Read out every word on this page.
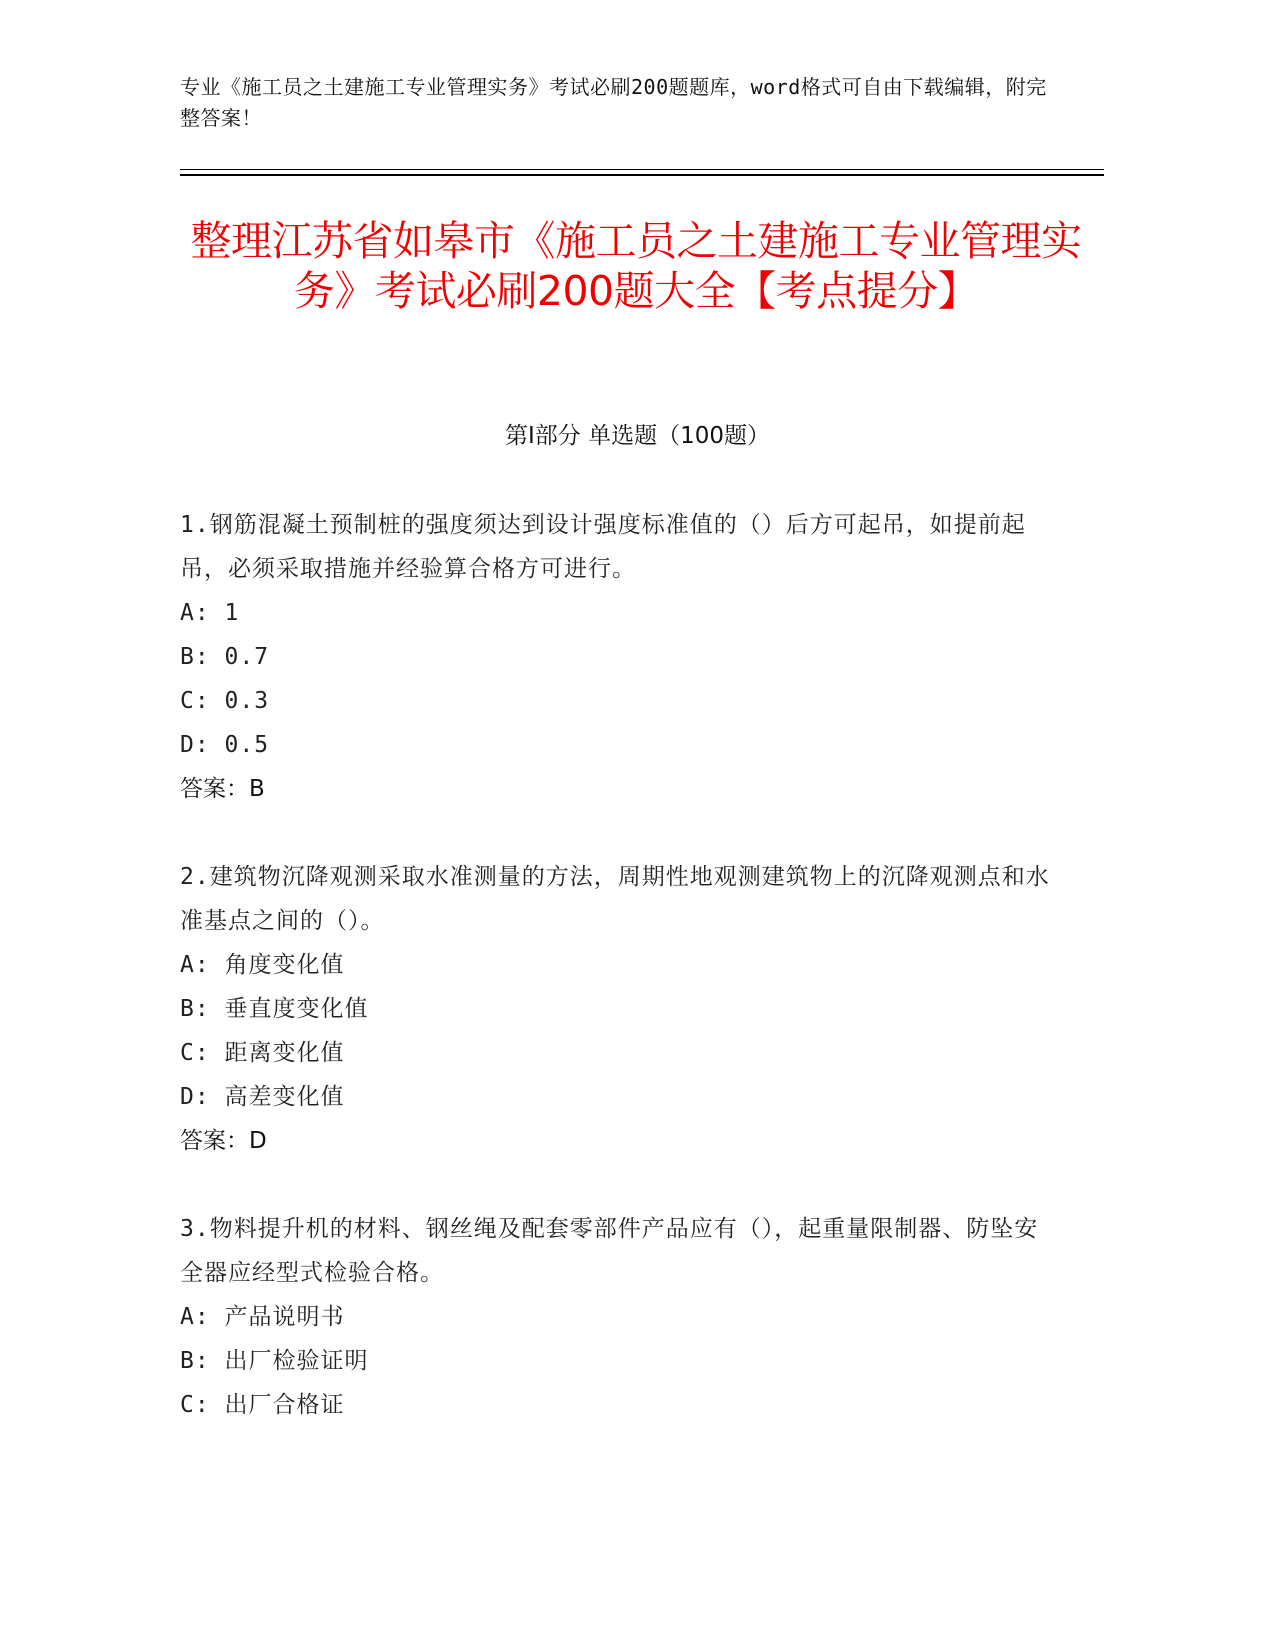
专业《施工员之土建施工专业管理实务》考试必刷200题题库，word格式可自由下载编辑，附完整答案！
整理江苏省如皋市《施工员之土建施工专业管理实务》考试必刷200题大全【考点提分】
第Ⅰ部分 单选题（100题）
1.钢筋混凝土预制桩的强度须达到设计强度标准值的（）后方可起吊，如提前起吊，必须采取措施并经验算合格方可进行。
A: 1
B: 0.7
C: 0.3
D: 0.5
答案：B
2.建筑物沉降观测采取水准测量的方法，周期性地观测建筑物上的沉降观测点和水准基点之间的（）。
A: 角度变化值
B: 垂直度变化值
C: 距离变化值
D: 高差变化值
答案：D
3.物料提升机的材料、钢丝绳及配套零部件产品应有（），起重量限制器、防坠安全器应经型式检验合格。
A: 产品说明书
B: 出厂检验证明
C: 出厂合格证
